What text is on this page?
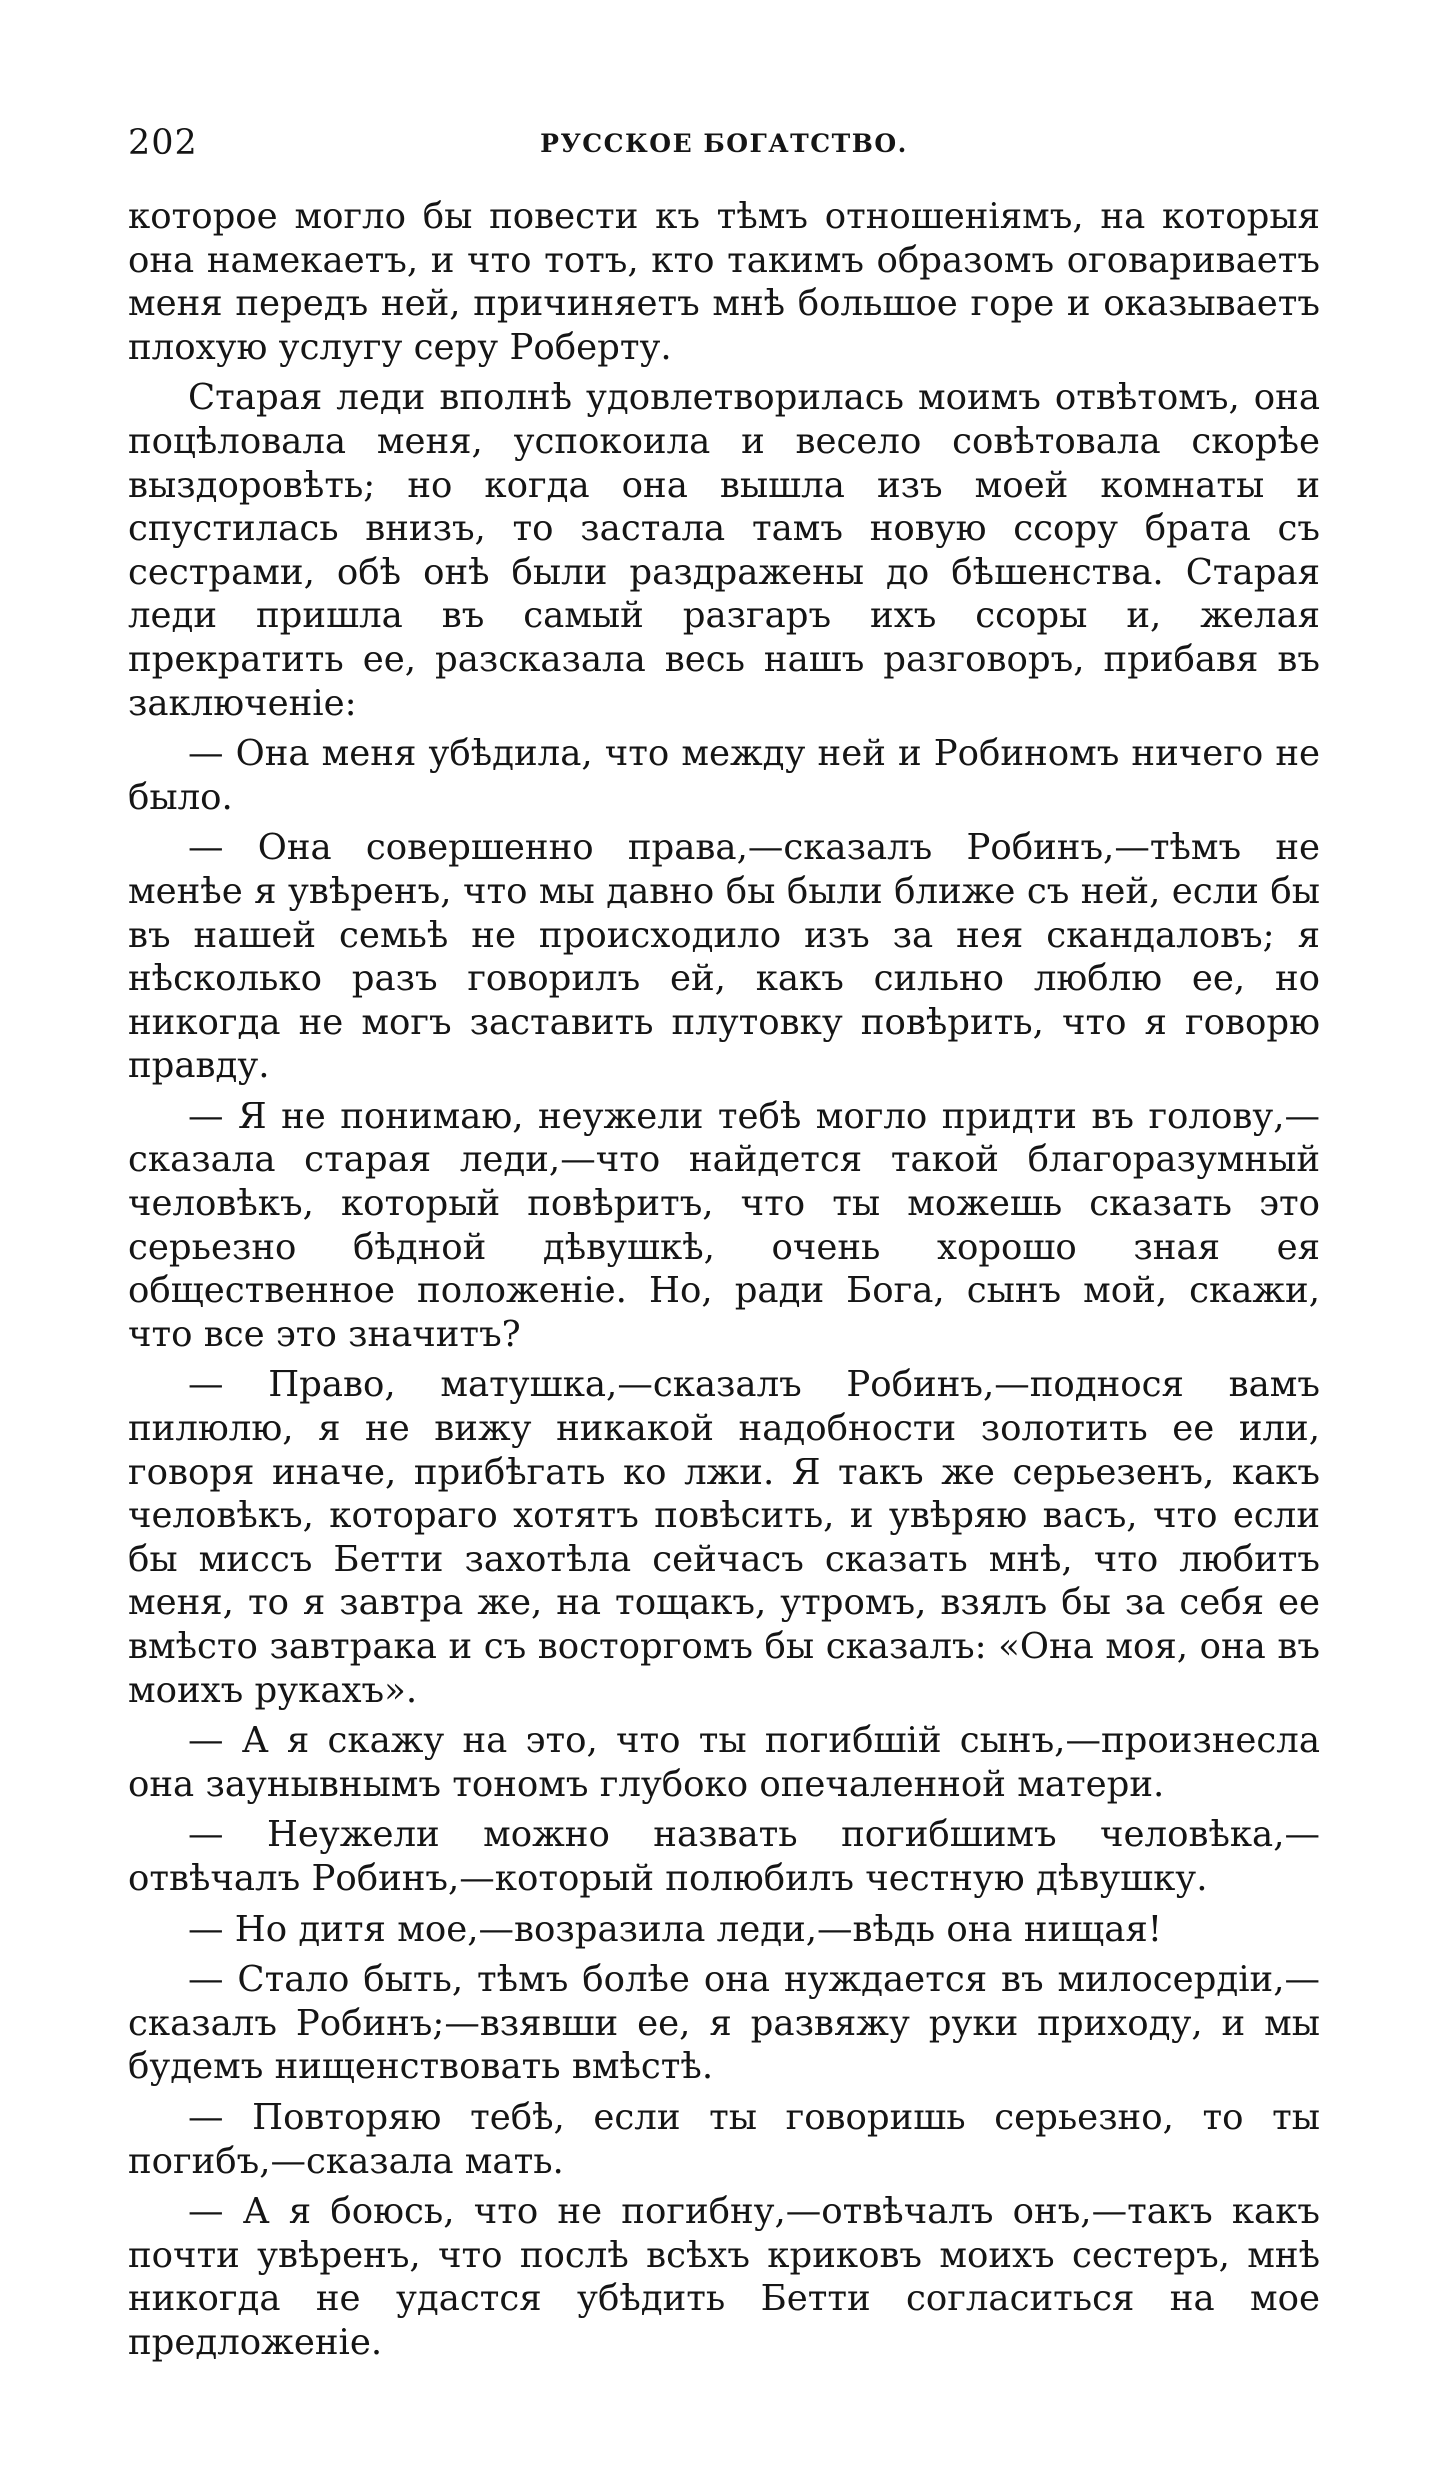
202	РУССКОЕ БОГАТСТВО.

которое могло бы повести къ тѣмъ отношеніямъ, на которыя она намекаетъ, и что тотъ, кто такимъ образомъ оговариваетъ меня передъ ней, причиняетъ мнѣ большое горе и оказываетъ плохую услугу серу Роберту.

Старая леди вполнѣ удовлетворилась моимъ отвѣтомъ, она поцѣловала меня, успокоила и весело совѣтовала скорѣе выздоровѣть; но когда она вышла изъ моей комнаты и спустилась внизъ, то застала тамъ новую ссору брата съ сестрами, обѣ онѣ были раздражены до бѣшенства. Старая леди пришла въ самый разгаръ ихъ ссоры и, желая прекратить ее, разсказала весь нашъ разговоръ, прибавя въ заключеніе:

— Она меня убѣдила, что между ней и Робиномъ ничего не было.

— Она совершенно права,—сказалъ Робинъ,—тѣмъ не менѣе я увѣренъ, что мы давно бы были ближе съ ней, если бы въ нашей семьѣ не происходило изъ за нея скандаловъ; я нѣсколько разъ говорилъ ей, какъ сильно люблю ее, но никогда не могъ заставить плутовку повѣрить, что я говорю правду.

— Я не понимаю, неужели тебѣ могло придти въ голову,—сказала старая леди,—что найдется такой благоразумный человѣкъ, который повѣритъ, что ты можешь сказать это серьезно бѣдной дѣвушкѣ, очень хорошо зная ея общественное положеніе. Но, ради Бога, сынъ мой, скажи, что все это значитъ?

— Право, матушка,—сказалъ Робинъ,—поднося вамъ пилюлю, я не вижу никакой надобности золотить ее или, говоря иначе, прибѣгать ко лжи. Я такъ же серьезенъ, какъ человѣкъ, котораго хотятъ повѣсить, и увѣряю васъ, что если бы миссъ Бетти захотѣла сейчасъ сказать мнѣ, что любитъ меня, то я завтра же, на тощакъ, утромъ, взялъ бы за себя ее вмѣсто завтрака и съ восторгомъ бы сказалъ: «Она моя, она въ моихъ рукахъ».

— А я скажу на это, что ты погибшій сынъ,—произнесла она заунывнымъ тономъ глубоко опечаленной матери.

— Неужели можно назвать погибшимъ человѣка,—отвѣчалъ Робинъ,—который полюбилъ честную дѣвушку.

— Но дитя мое,—возразила леди,—вѣдь она нищая!

— Стало быть, тѣмъ болѣе она нуждается въ милосердіи,—сказалъ Робинъ;—взявши ее, я развяжу руки приходу, и мы будемъ нищенствовать вмѣстѣ.

— Повторяю тебѣ, если ты говоришь серьезно, то ты погибъ,—сказала мать.

— А я боюсь, что не погибну,—отвѣчалъ онъ,—такъ какъ почти увѣренъ, что послѣ всѣхъ криковъ моихъ сестеръ, мнѣ никогда не удастся убѣдить Бетти согласиться на мое предложеніе.
